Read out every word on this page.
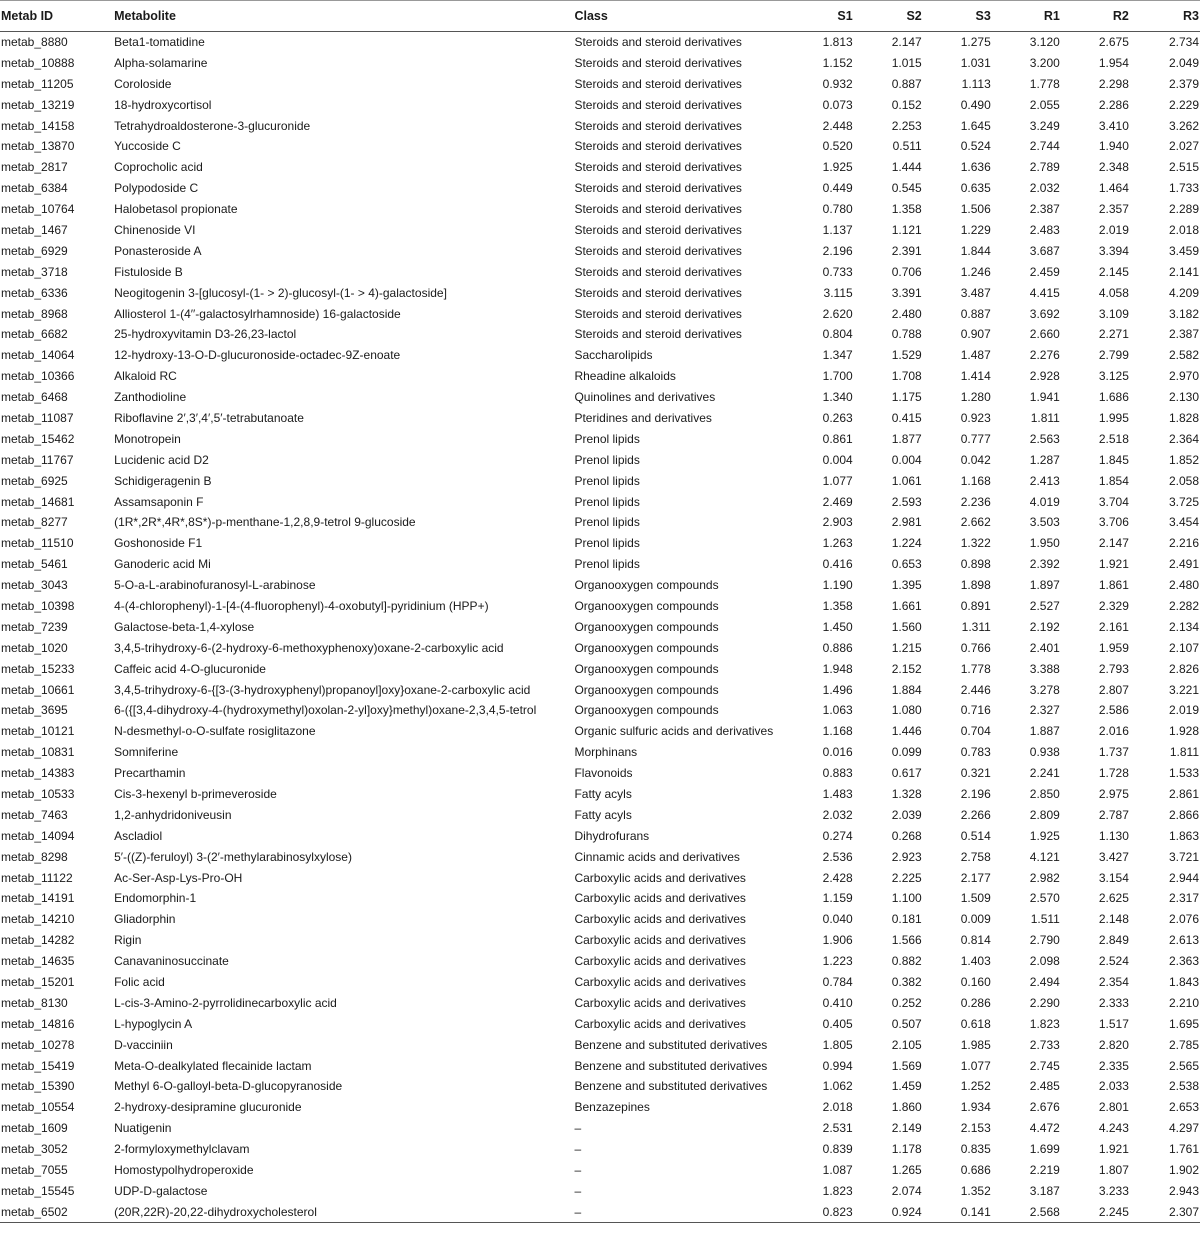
Metab ID	Metabolite	Class	S1	S2	S3	R1	R2	R3
metab_8880	Beta1-tomatidine	Steroids and steroid derivatives	1.813	2.147	1.275	3.120	2.675	2.734
metab_10888	Alpha-solamarine	Steroids and steroid derivatives	1.152	1.015	1.031	3.200	1.954	2.049
metab_11205	Coroloside	Steroids and steroid derivatives	0.932	0.887	1.113	1.778	2.298	2.379
metab_13219	18-hydroxycortisol	Steroids and steroid derivatives	0.073	0.152	0.490	2.055	2.286	2.229
metab_14158	Tetrahydroaldosterone-3-glucuronide	Steroids and steroid derivatives	2.448	2.253	1.645	3.249	3.410	3.262
metab_13870	Yuccoside C	Steroids and steroid derivatives	0.520	0.511	0.524	2.744	1.940	2.027
metab_2817	Coprocholic acid	Steroids and steroid derivatives	1.925	1.444	1.636	2.789	2.348	2.515
metab_6384	Polypodoside C	Steroids and steroid derivatives	0.449	0.545	0.635	2.032	1.464	1.733
metab_10764	Halobetasol propionate	Steroids and steroid derivatives	0.780	1.358	1.506	2.387	2.357	2.289
metab_1467	Chinenoside VI	Steroids and steroid derivatives	1.137	1.121	1.229	2.483	2.019	2.018
metab_6929	Ponasteroside A	Steroids and steroid derivatives	2.196	2.391	1.844	3.687	3.394	3.459
metab_3718	Fistuloside B	Steroids and steroid derivatives	0.733	0.706	1.246	2.459	2.145	2.141
metab_6336	Neogitogenin 3-[glucosyl-(1- > 2)-glucosyl-(1- > 4)-galactoside]	Steroids and steroid derivatives	3.115	3.391	3.487	4.415	4.058	4.209
metab_8968	Alliosterol 1-(4′′-galactosylrhamnoside) 16-galactoside	Steroids and steroid derivatives	2.620	2.480	0.887	3.692	3.109	3.182
metab_6682	25-hydroxyvitamin D3-26,23-lactol	Steroids and steroid derivatives	0.804	0.788	0.907	2.660	2.271	2.387
metab_14064	12-hydroxy-13-O-D-glucuronoside-octadec-9Z-enoate	Saccharolipids	1.347	1.529	1.487	2.276	2.799	2.582
metab_10366	Alkaloid RC	Rheadine alkaloids	1.700	1.708	1.414	2.928	3.125	2.970
metab_6468	Zanthodioline	Quinolines and derivatives	1.340	1.175	1.280	1.941	1.686	2.130
metab_11087	Riboflavine 2′,3′,4′,5′-tetrabutanoate	Pteridines and derivatives	0.263	0.415	0.923	1.811	1.995	1.828
metab_15462	Monotropein	Prenol lipids	0.861	1.877	0.777	2.563	2.518	2.364
metab_11767	Lucidenic acid D2	Prenol lipids	0.004	0.004	0.042	1.287	1.845	1.852
metab_6925	Schidigeragenin B	Prenol lipids	1.077	1.061	1.168	2.413	1.854	2.058
metab_14681	Assamsaponin F	Prenol lipids	2.469	2.593	2.236	4.019	3.704	3.725
metab_8277	(1R*,2R*,4R*,8S*)-p-menthane-1,2,8,9-tetrol 9-glucoside	Prenol lipids	2.903	2.981	2.662	3.503	3.706	3.454
metab_11510	Goshonoside F1	Prenol lipids	1.263	1.224	1.322	1.950	2.147	2.216
metab_5461	Ganoderic acid Mi	Prenol lipids	0.416	0.653	0.898	2.392	1.921	2.491
metab_3043	5-O-a-L-arabinofuranosyl-L-arabinose	Organooxygen compounds	1.190	1.395	1.898	1.897	1.861	2.480
metab_10398	4-(4-chlorophenyl)-1-[4-(4-fluorophenyl)-4-oxobutyl]-pyridinium (HPP+)	Organooxygen compounds	1.358	1.661	0.891	2.527	2.329	2.282
metab_7239	Galactose-beta-1,4-xylose	Organooxygen compounds	1.450	1.560	1.311	2.192	2.161	2.134
metab_1020	3,4,5-trihydroxy-6-(2-hydroxy-6-methoxyphenoxy)oxane-2-carboxylic acid	Organooxygen compounds	0.886	1.215	0.766	2.401	1.959	2.107
metab_15233	Caffeic acid 4-O-glucuronide	Organooxygen compounds	1.948	2.152	1.778	3.388	2.793	2.826
metab_10661	3,4,5-trihydroxy-6-{[3-(3-hydroxyphenyl)propanoyl]oxy}oxane-2-carboxylic acid	Organooxygen compounds	1.496	1.884	2.446	3.278	2.807	3.221
metab_3695	6-({[3,4-dihydroxy-4-(hydroxymethyl)oxolan-2-yl]oxy}methyl)oxane-2,3,4,5-tetrol	Organooxygen compounds	1.063	1.080	0.716	2.327	2.586	2.019
metab_10121	N-desmethyl-o-O-sulfate rosiglitazone	Organic sulfuric acids and derivatives	1.168	1.446	0.704	1.887	2.016	1.928
metab_10831	Somniferine	Morphinans	0.016	0.099	0.783	0.938	1.737	1.811
metab_14383	Precarthamin	Flavonoids	0.883	0.617	0.321	2.241	1.728	1.533
metab_10533	Cis-3-hexenyl b-primeveroside	Fatty acyls	1.483	1.328	2.196	2.850	2.975	2.861
metab_7463	1,2-anhydridoniveusin	Fatty acyls	2.032	2.039	2.266	2.809	2.787	2.866
metab_14094	Ascladiol	Dihydrofurans	0.274	0.268	0.514	1.925	1.130	1.863
metab_8298	5′-((Z)-feruloyl) 3-(2′-methylarabinosylxylose)	Cinnamic acids and derivatives	2.536	2.923	2.758	4.121	3.427	3.721
metab_11122	Ac-Ser-Asp-Lys-Pro-OH	Carboxylic acids and derivatives	2.428	2.225	2.177	2.982	3.154	2.944
metab_14191	Endomorphin-1	Carboxylic acids and derivatives	1.159	1.100	1.509	2.570	2.625	2.317
metab_14210	Gliadorphin	Carboxylic acids and derivatives	0.040	0.181	0.009	1.511	2.148	2.076
metab_14282	Rigin	Carboxylic acids and derivatives	1.906	1.566	0.814	2.790	2.849	2.613
metab_14635	Canavaninosuccinate	Carboxylic acids and derivatives	1.223	0.882	1.403	2.098	2.524	2.363
metab_15201	Folic acid	Carboxylic acids and derivatives	0.784	0.382	0.160	2.494	2.354	1.843
metab_8130	L-cis-3-Amino-2-pyrrolidinecarboxylic acid	Carboxylic acids and derivatives	0.410	0.252	0.286	2.290	2.333	2.210
metab_14816	L-hypoglycin A	Carboxylic acids and derivatives	0.405	0.507	0.618	1.823	1.517	1.695
metab_10278	D-vacciniin	Benzene and substituted derivatives	1.805	2.105	1.985	2.733	2.820	2.785
metab_15419	Meta-O-dealkylated flecainide lactam	Benzene and substituted derivatives	0.994	1.569	1.077	2.745	2.335	2.565
metab_15390	Methyl 6-O-galloyl-beta-D-glucopyranoside	Benzene and substituted derivatives	1.062	1.459	1.252	2.485	2.033	2.538
metab_10554	2-hydroxy-desipramine glucuronide	Benzazepines	2.018	1.860	1.934	2.676	2.801	2.653
metab_1609	Nuatigenin	–	2.531	2.149	2.153	4.472	4.243	4.297
metab_3052	2-formyloxymethylclavam	–	0.839	1.178	0.835	1.699	1.921	1.761
metab_7055	Homostypolhydroperoxide	–	1.087	1.265	0.686	2.219	1.807	1.902
metab_15545	UDP-D-galactose	–	1.823	2.074	1.352	3.187	3.233	2.943
metab_6502	(20R,22R)-20,22-dihydroxycholesterol	–	0.823	0.924	0.141	2.568	2.245	2.307
